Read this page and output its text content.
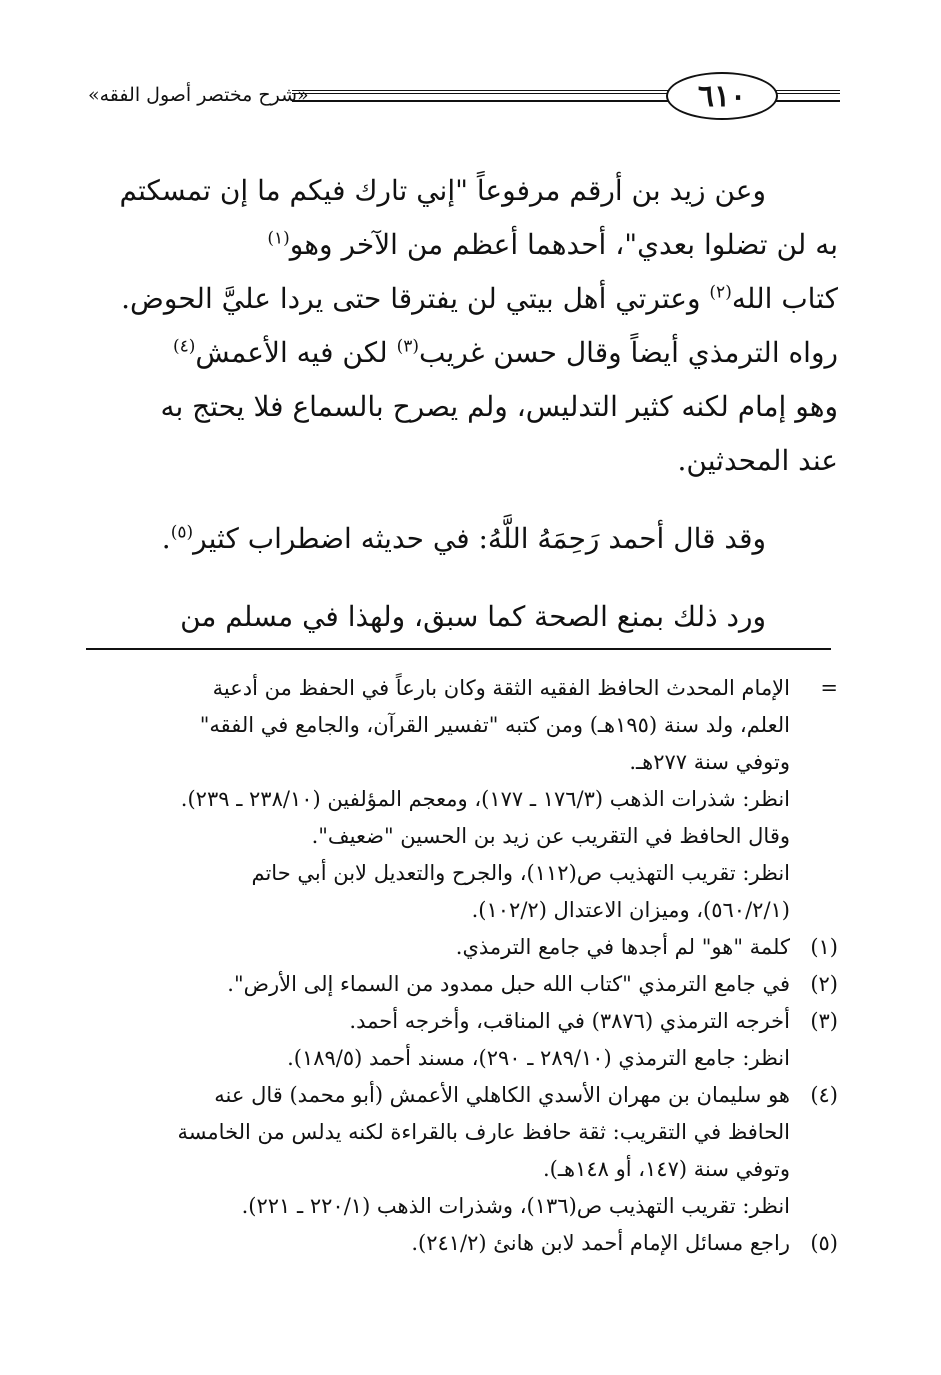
«شرح مختصر أصول الفقه»	٦١٠
وعن زيد بن أرقم مرفوعاً "إني تارك فيكم ما إن تمسكتم
به لن تضلوا بعدي"، أحدهما أعظم من الآخر وهو$^{(١)}$
كتاب الله$^{(٢)}$ وعترتي أهل بيتي لن يفترقا حتى يردا عليَّ الحوض.
رواه الترمذي أيضاً وقال حسن غريب$^{(٣)}$ لكن فيه الأعمش$^{(٤)}$
وهو إمام لكنه كثير التدليس، ولم يصرح بالسماع فلا يحتج به
عند المحدثين.
وقد قال أحمد رَحِمَهُ اللَّهُ: في حديثه اضطراب كثير$^{(٥)}$.
ورد ذلك بمنع الصحة كما سبق، ولهذا في مسلم من
=الإمام المحدث الحافظ الفقيه الثقة وكان بارعاً في الحفظ من أدعية
العلم، ولد سنة (١٩٥هـ) ومن كتبه "تفسير القرآن، والجامع في الفقه"
وتوفي سنة ٢٧٧هـ.
انظر: شذرات الذهب (١٧٦/٣ ـ ١٧٧)، ومعجم المؤلفين (٢٣٨/١٠ ـ ٢٣٩).
وقال الحافظ في التقريب عن زيد بن الحسين "ضعيف".
انظر: تقريب التهذيب ص(١١٢)، والجرح والتعديل لابن أبي حاتم
(٥٦٠/٢/١)، وميزان الاعتدال (١٠٢/٢).
(١)كلمة "هو" لم أجدها في جامع الترمذي.
(٢)في جامع الترمذي "كتاب الله حبل ممدود من السماء إلى الأرض".
(٣)أخرجه الترمذي (٣٨٧٦) في المناقب، وأخرجه أحمد.
انظر: جامع الترمذي (٢٨٩/١٠ ـ ٢٩٠)، مسند أحمد (١٨٩/٥).
(٤)هو سليمان بن مهران الأسدي الكاهلي الأعمش (أبو محمد) قال عنه
الحافظ في التقريب: ثقة حافظ عارف بالقراءة لكنه يدلس من الخامسة
وتوفي سنة (١٤٧، أو ١٤٨هـ).
انظر: تقريب التهذيب ص(١٣٦)، وشذرات الذهب (٢٢٠/١ ـ ٢٢١).
(٥)راجع مسائل الإمام أحمد لابن هانئ (٢٤١/٢).
